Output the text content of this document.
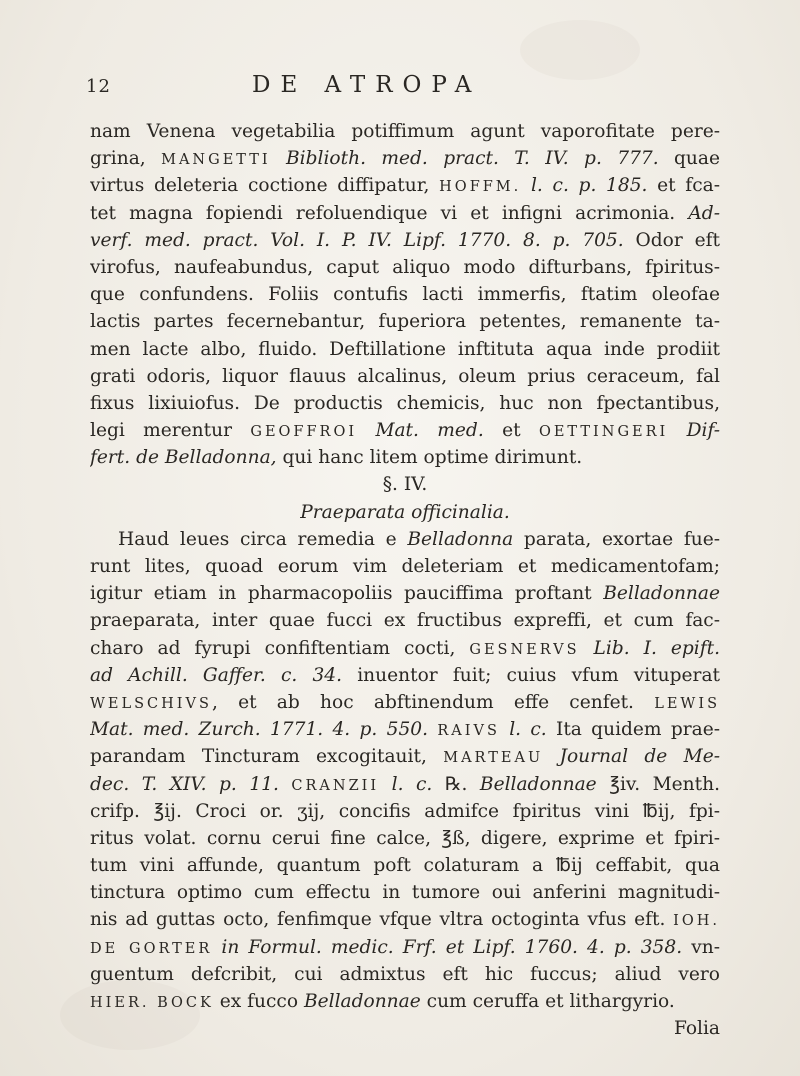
12	DE ATROPA
nam Venena vegetabilia potiffimum agunt vaporofitate pere-
grina, MANGETTI Biblioth. med. pract. T. IV. p. 777. quae
virtus deleteria coctione diffipatur, HOFFM. l. c. p. 185. et fca-
tet magna fopiendi refoluendique vi et infigni acrimonia. Ad-
verf. med. pract. Vol. I. P. IV. Lipf. 1770. 8. p. 705. Odor eft
virofus, naufeabundus, caput aliquo modo difturbans, fpiritus-
que confundens. Foliis contufis lacti immerfis, ftatim oleofae
lactis partes fecernebantur, fuperiora petentes, remanente ta-
men lacte albo, fluido. Deftillatione inftituta aqua inde prodiit
grati odoris, liquor flauus alcalinus, oleum prius ceraceum, fal
fixus lixiuiofus. De productis chemicis, huc non fpectantibus,
legi merentur GEOFFROI Mat. med. et OETTINGERI Dif-
fert. de Belladonna, qui hanc litem optime dirimunt.
§. IV.
Praeparata officinalia.
Haud leues circa remedia e Belladonna parata, exortae fue-
runt lites, quoad eorum vim deleteriam et medicamentofam;
igitur etiam in pharmacopoliis pauciffima proftant Belladonnae
praeparata, inter quae fucci ex fructibus expreffi, et cum fac-
charo ad fyrupi confiftentiam cocti, GESNERVS Lib. I. epift.
ad Achill. Gaffer. c. 34. inuentor fuit; cuius vfum vituperat
WELSCHIVS, et ab hoc abftinendum effe cenfet. LEWIS
Mat. med. Zurch. 1771. 4. p. 550. RAIVS l. c. Ita quidem prae-
parandam Tincturam excogitauit, MARTEAU Journal de Me-
dec. T. XIV. p. 11. CRANZII l. c. ℞. Belladonnae ℥iv. Menth.
crifp. ℥ij. Croci or. ʒij, concifis admifce fpiritus vini ℔ij, fpi-
ritus volat. cornu cerui fine calce, ℥ß, digere, exprime et fpiri-
tum vini affunde, quantum poft colaturam a ℔ij ceffabit, qua
tinctura optimo cum effectu in tumore oui anferini magnitudi-
nis ad guttas octo, fenfimque vfque vltra octoginta vfus eft. IOH.
DE GORTER in Formul. medic. Frf. et Lipf. 1760. 4. p. 358. vn-
guentum defcribit, cui admixtus eft hic fuccus; aliud vero
HIER. BOCK ex fucco Belladonnae cum ceruffa et lithargyrio.
Folia
